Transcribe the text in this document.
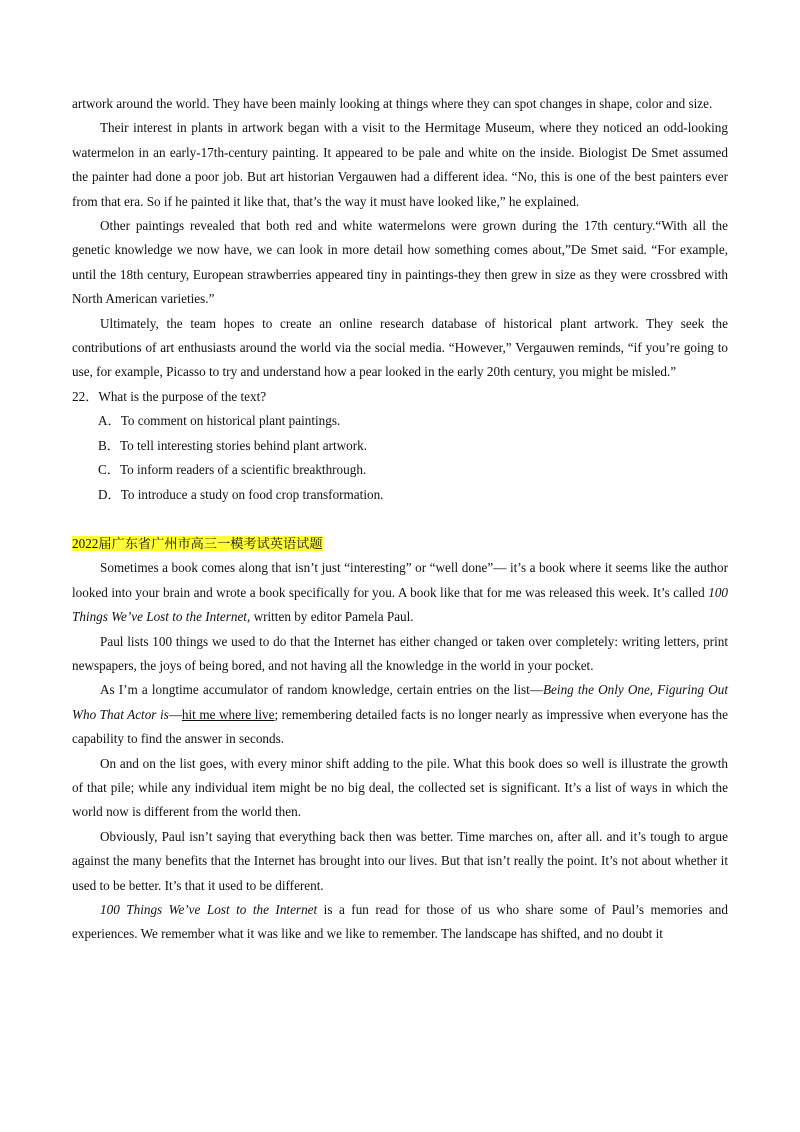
artwork around the world. They have been mainly looking at things where they can spot changes in shape, color and size.

Their interest in plants in artwork began with a visit to the Hermitage Museum, where they noticed an odd-looking watermelon in an early-17th-century painting. It appeared to be pale and white on the inside. Biologist De Smet assumed the painter had done a poor job. But art historian Vergauwen had a different idea. “No, this is one of the best painters ever from that era. So if he painted it like that, that’s the way it must have looked like,” he explained.

Other paintings revealed that both red and white watermelons were grown during the 17th century.“With all the genetic knowledge we now have, we can look in more detail how something comes about,”De Smet said. “For example, until the 18th century, European strawberries appeared tiny in paintings-they then grew in size as they were crossbred with North American varieties.”

Ultimately, the team hopes to create an online research database of historical plant artwork. They seek the contributions of art enthusiasts around the world via the social media. “However,” Vergauwen reminds, “if you’re going to use, for example, Picasso to try and understand how a pear looked in the early 20th century, you might be misled.”

22．What is the purpose of the text?

A．To comment on historical plant paintings.

B．To tell interesting stories behind plant artwork.

C．To inform readers of a scientific breakthrough.

D．To introduce a study on food crop transformation.

2022届广东省广州市高三一模考试英语试题

Sometimes a book comes along that isn’t just “interesting” or “well done”— it’s a book where it seems like the author looked into your brain and wrote a book specifically for you. A book like that for me was released this week. It’s called 100 Things We’ve Lost to the Internet, written by editor Pamela Paul.

Paul lists 100 things we used to do that the Internet has either changed or taken over completely: writing letters, print newspapers, the joys of being bored, and not having all the knowledge in the world in your pocket.

As I’m a longtime accumulator of random knowledge, certain entries on the list—Being the Only One, Figuring Out Who That Actor is—hit me where live; remembering detailed facts is no longer nearly as impressive when everyone has the capability to find the answer in seconds.

On and on the list goes, with every minor shift adding to the pile. What this book does so well is illustrate the growth of that pile; while any individual item might be no big deal, the collected set is significant. It’s a list of ways in which the world now is different from the world then.

Obviously, Paul isn’t saying that everything back then was better. Time marches on, after all. and it’s tough to argue against the many benefits that the Internet has brought into our lives. But that isn’t really the point. It’s not about whether it used to be better. It’s that it used to be different.

100 Things We’ve Lost to the Internet is a fun read for those of us who share some of Paul’s memories and experiences. We remember what it was like and we like to remember. The landscape has shifted, and no doubt it
